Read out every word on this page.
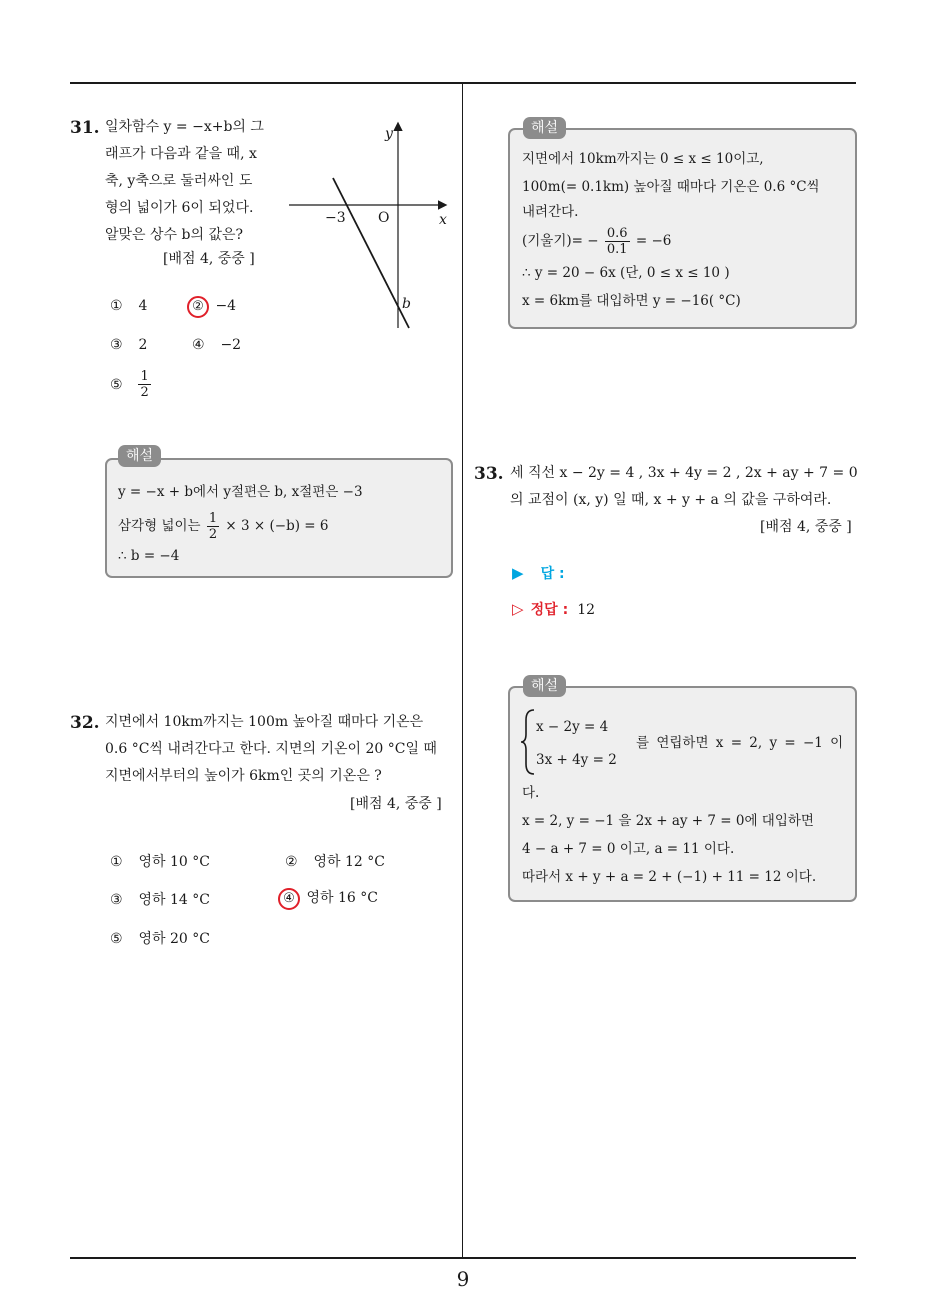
9
31. 일차함수 y = −x+b의 그
래프가 다음과 같을 때, x
축, y축으로 둘러싸인 도
형의 넓이가 6이 되었다.
알맞은 상수 b의 값은?
[배점 4, 중중 ]
y
x
O
−3
b
① 4	② −4
③ 2	④ −2
⑤ $\frac{1}{2}$
해설
y = −x + b에서 y절편은 b, x절편은 −3
삼각형 넓이는 $\frac{1}{2} \times 3 \times (-b) = 6$
∴ b = −4
32. 지면에서 10km까지는 100m 높아질 때마다 기온은
0.6 °C씩 내려간다고 한다. 지면의 기온이 20 °C일 때
지면에서부터의 높이가 6km인 곳의 기온은 ?
[배점 4, 중중 ]
① 영하 10 °C	② 영하 12 °C
③ 영하 14 °C	④ 영하 16 °C
⑤ 영하 20 °C
해설
지면에서 10km까지는 0 ≤ x ≤ 10이고,
100m(= 0.1km) 높아질 때마다 기온은 0.6 °C씩
내려간다.
(기울기)= − $\frac{0.6}{0.1} = -6$
∴ y = 20 − 6x (단, 0 ≤ x ≤ 10 )
x = 6km를 대입하면 y = −16( °C)
33. 세 직선 x − 2y = 4 , 3x + 4y = 2 , 2x + ay + 7 = 0
의 교점이 (x, y) 일 때, x + y + a 의 값을 구하여라.
[배점 4, 중중 ]
▶ 답 :
▷ 정답 : 12
해설
x − 2y = 4
3x + 4y = 2
를 연립하면 x = 2, y = −1 이
다.
x = 2, y = −1 을 2x + ay + 7 = 0에 대입하면
4 − a + 7 = 0 이고, a = 11 이다.
따라서 x + y + a = 2 + (−1) + 11 = 12 이다.
